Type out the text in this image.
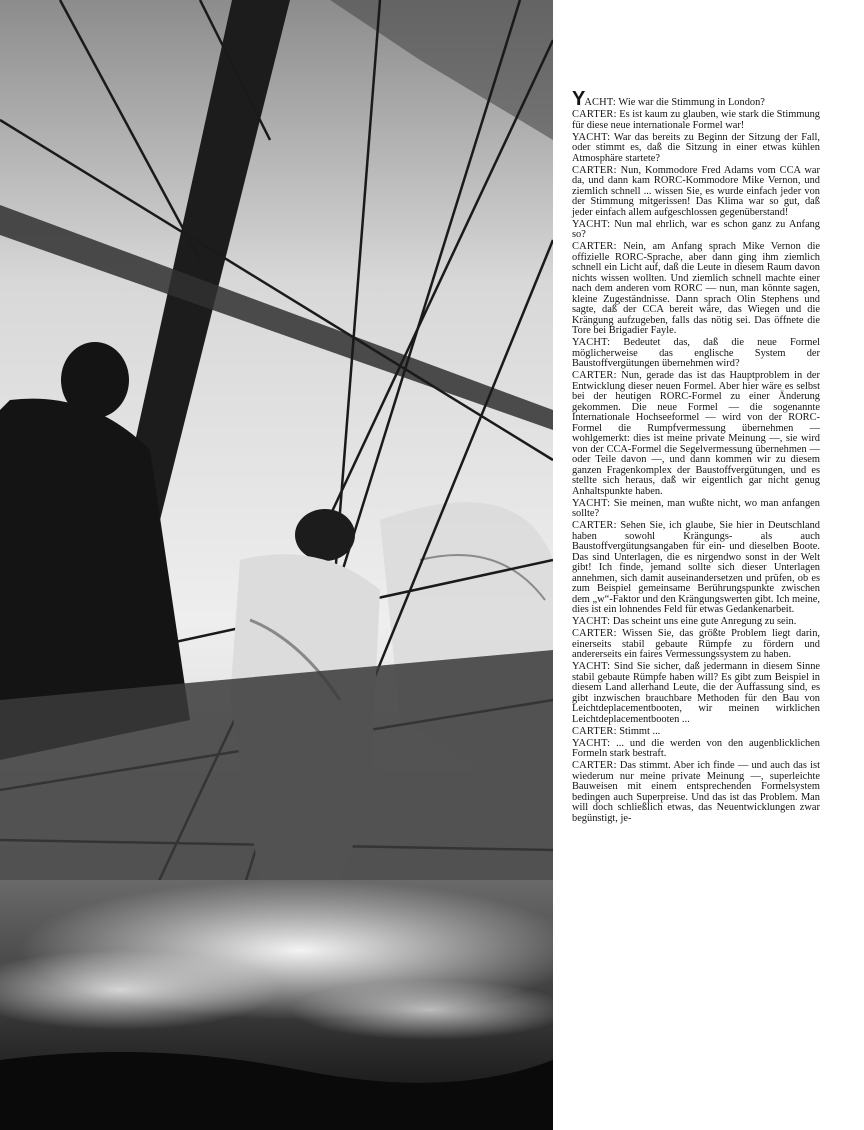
YACHT: Wie war die Stimmung in London?

CARTER: Es ist kaum zu glauben, wie stark die Stimmung für diese neue internationale Formel war!

YACHT: War das bereits zu Beginn der Sitzung der Fall, oder stimmt es, daß die Sitzung in einer etwas kühlen Atmosphäre startete?

CARTER: Nun, Kommodore Fred Adams vom CCA war da, und dann kam RORC-Kommodore Mike Vernon, und ziemlich schnell ... wissen Sie, es wurde einfach jeder von der Stimmung mitgerissen! Das Klima war so gut, daß jeder einfach allem aufgeschlossen gegenüberstand!

YACHT: Nun mal ehrlich, war es schon ganz zu Anfang so?

CARTER: Nein, am Anfang sprach Mike Vernon die offizielle RORC-Sprache, aber dann ging ihm ziemlich schnell ein Licht auf, daß die Leute in diesem Raum davon nichts wissen wollten. Und ziemlich schnell machte einer nach dem anderen vom RORC — nun, man könnte sagen, kleine Zugeständnisse. Dann sprach Olin Stephens und sagte, daß der CCA bereit wäre, das Wiegen und die Krängung aufzugeben, falls das nötig sei. Das öffnete die Tore bei Brigadier Fayle.

YACHT: Bedeutet das, daß die neue Formel möglicherweise das englische System der Baustoffvergütungen übernehmen wird?

CARTER: Nun, gerade das ist das Hauptproblem in der Entwicklung dieser neuen Formel. Aber hier wäre es selbst bei der heutigen RORC-Formel zu einer Änderung gekommen. Die neue Formel — die sogenannte Internationale Hochseeformel — wird von der RORC-Formel die Rumpfvermessung übernehmen — wohlgemerkt: dies ist meine private Meinung —, sie wird von der CCA-Formel die Segelvermessung übernehmen — oder Teile davon —, und dann kommen wir zu diesem ganzen Fragenkomplex der Baustoffvergütungen, und es stellte sich heraus, daß wir eigentlich gar nicht genug Anhaltspunkte haben.

YACHT: Sie meinen, man wußte nicht, wo man anfangen sollte?

CARTER: Sehen Sie, ich glaube, Sie hier in Deutschland haben sowohl Krängungs- als auch Baustoffvergütungsangaben für ein- und dieselben Boote. Das sind Unterlagen, die es nirgendwo sonst in der Welt gibt! Ich finde, jemand sollte sich dieser Unterlagen annehmen, sich damit auseinandersetzen und prüfen, ob es zum Beispiel gemeinsame Berührungspunkte zwischen dem „w“-Faktor und den Krängungswerten gibt. Ich meine, dies ist ein lohnendes Feld für etwas Gedankenarbeit.

YACHT: Das scheint uns eine gute Anregung zu sein.

CARTER: Wissen Sie, das größte Problem liegt darin, einerseits stabil gebaute Rümpfe zu fördern und andererseits ein faires Vermessungssystem zu haben.

YACHT: Sind Sie sicher, daß jedermann in diesem Sinne stabil gebaute Rümpfe haben will? Es gibt zum Beispiel in diesem Land allerhand Leute, die der Auffassung sind, es gibt inzwischen brauchbare Methoden für den Bau von Leichtdeplacementbooten, wir meinen wirklichen Leichtdeplacementbooten ...

CARTER: Stimmt ...

YACHT: ... und die werden von den augenblicklichen Formeln stark bestraft.

CARTER: Das stimmt. Aber ich finde — und auch das ist wiederum nur meine private Meinung —, superleichte Bauweisen mit einem entsprechenden Formelsystem bedingen auch Superpreise. Und das ist das Problem. Man will doch schließlich etwas, das Neuentwicklungen zwar begünstigt, je-
